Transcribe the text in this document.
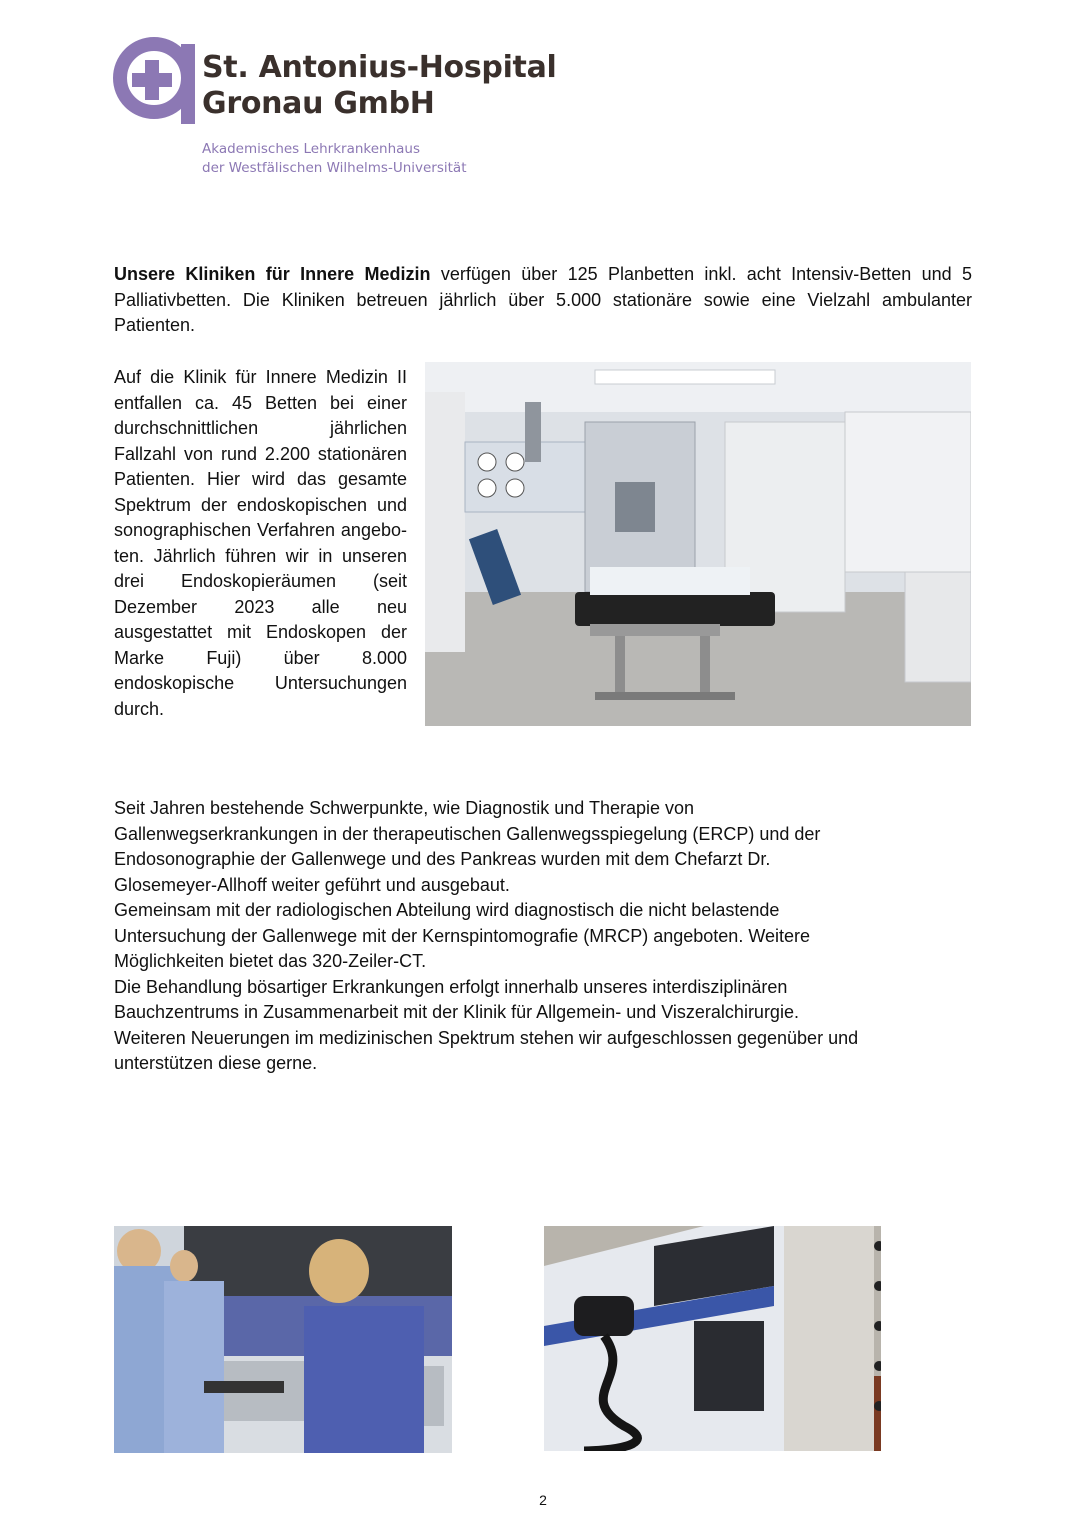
St. Antonius-Hospital
Gronau GmbH
Akademisches Lehrkrankenhaus
der Westfälischen Wilhelms-Universität

Unsere Kliniken für Innere Medizin verfügen über 125 Planbetten inkl. acht Intensiv-Betten und 5 Palliativbetten. Die Kliniken betreuen jährlich über 5.000 stationäre sowie eine Vielzahl ambulanter Patienten.

Auf die Klinik für Innere Medizin II entfallen ca. 45 Betten bei einer durchschnittlichen jährlichen Fallzahl von rund 2.200 stationären Patienten. Hier wird das gesamte Spektrum der endoskopischen und sonographischen Verfahren angeboten. Jährlich führen wir in unseren drei Endoskopieräumen (seit Dezember 2023 alle neu ausgestattet mit Endoskopen der Marke Fuji) über 8.000 endoskopische Untersuchungen durch.

Seit Jahren bestehende Schwerpunkte, wie Diagnostik und Therapie von Gallenwegserkrankungen in der therapeutischen Gallenwegsspiegelung (ERCP) und der Endosonographie der Gallenwege und des Pankreas wurden mit dem Chefarzt Dr. Glosemeyer-Allhoff weiter geführt und ausgebaut.
Gemeinsam mit der radiologischen Abteilung wird diagnostisch die nicht belastende Untersuchung der Gallenwege mit der Kernspintomografie (MRCP) angeboten. Weitere Möglichkeiten bietet das 320-Zeiler-CT.
Die Behandlung bösartiger Erkrankungen erfolgt innerhalb unseres interdisziplinären Bauchzentrums in Zusammenarbeit mit der Klinik für Allgemein- und Viszeralchirurgie.
Weiteren Neuerungen im medizinischen Spektrum stehen wir aufgeschlossen gegenüber und unterstützen diese gerne.

2
